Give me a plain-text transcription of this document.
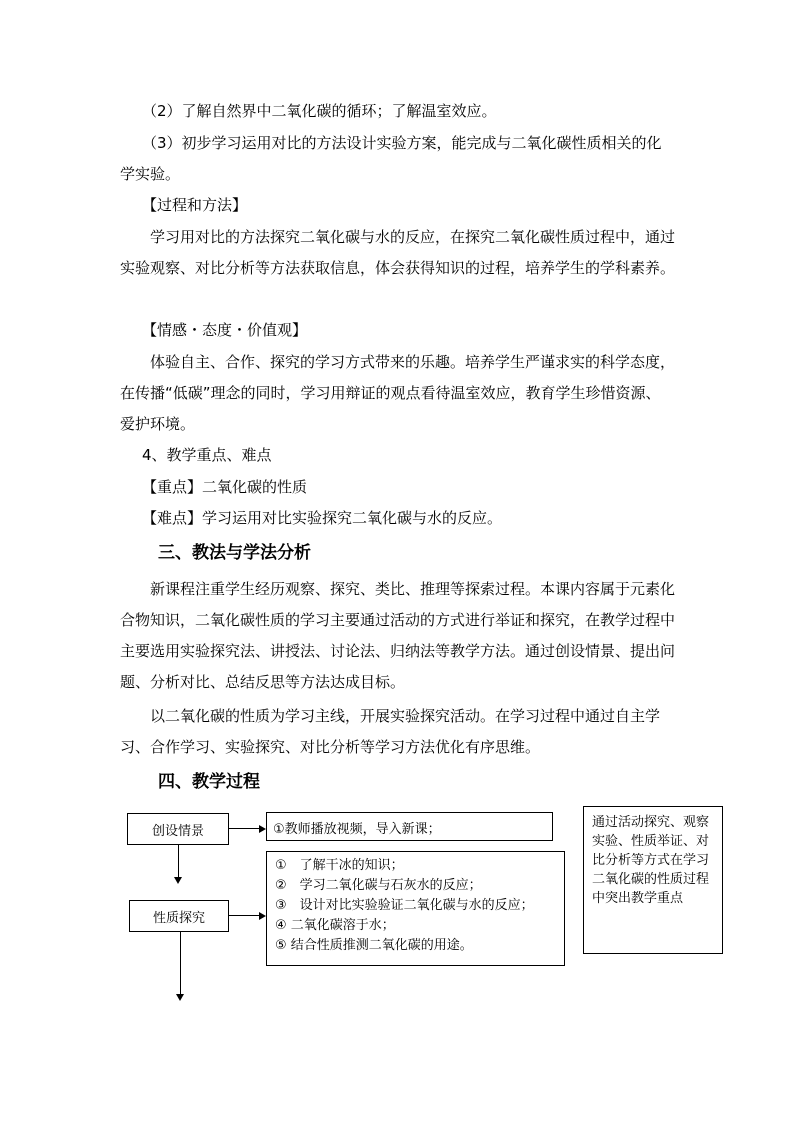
（2）了解自然界中二氧化碳的循环；了解温室效应。

（3）初步学习运用对比的方法设计实验方案，能完成与二氧化碳性质相关的化学实验。

【过程和方法】

学习用对比的方法探究二氧化碳与水的反应，在探究二氧化碳性质过程中，通过实验观察、对比分析等方法获取信息，体会获得知识的过程，培养学生的学科素养。

【情感・态度・价值观】

体验自主、合作、探究的学习方式带来的乐趣。培养学生严谨求实的科学态度，在传播“低碳”理念的同时，学习用辩证的观点看待温室效应，教育学生珍惜资源、爱护环境。

4、教学重点、难点

【重点】二氧化碳的性质

【难点】学习运用对比实验探究二氧化碳与水的反应。

三、教法与学法分析

新课程注重学生经历观察、探究、类比、推理等探索过程。本课内容属于元素化合物知识，二氧化碳性质的学习主要通过活动的方式进行举证和探究，在教学过程中主要选用实验探究法、讲授法、讨论法、归纳法等教学方法。通过创设情景、提出问题、分析对比、总结反思等方法达成目标。

以二氧化碳的性质为学习主线，开展实验探究活动。在学习过程中通过自主学习、合作学习、实验探究、对比分析等学习方法优化有序思维。

四、教学过程
创设情景	①教师播放视频，导入新课；
性质探究
①　了解干冰的知识；
②　学习二氧化碳与石灰水的反应；
③　设计对比实验验证二氧化碳与水的反应；
④ 二氧化碳溶于水；
⑤ 结合性质推测二氧化碳的用途。
通过活动探究、观察实验、性质举证、对比分析等方式在学习二氧化碳的性质过程中突出教学重点
